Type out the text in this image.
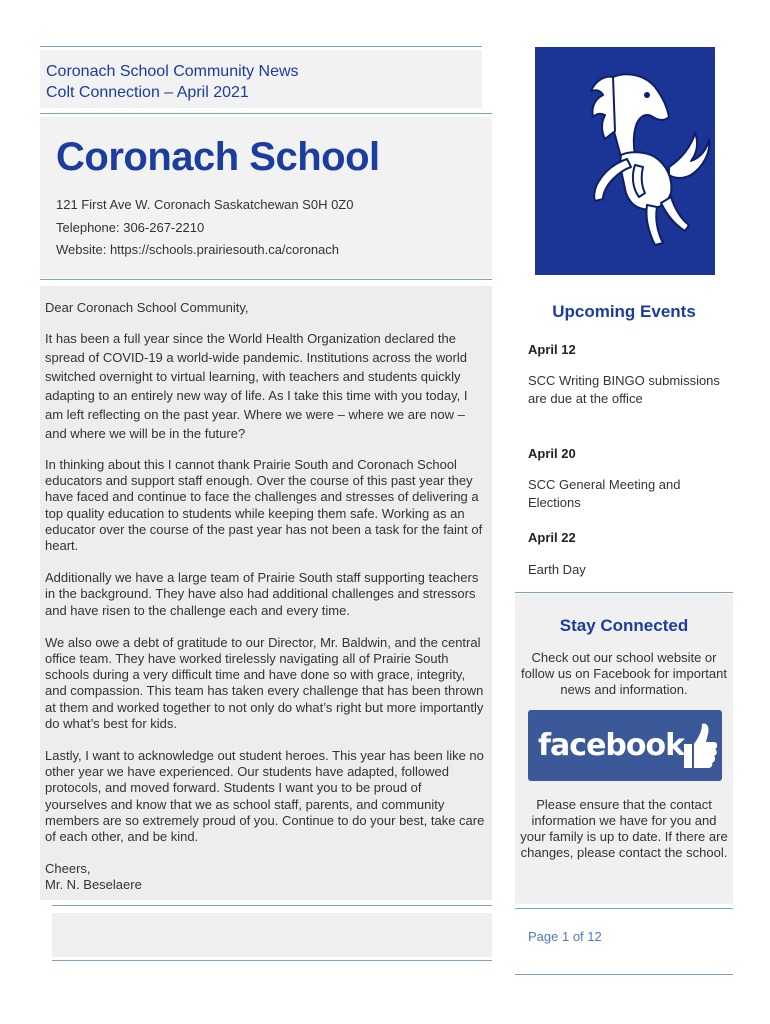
Coronach School Community News
Colt Connection – April 2021
Coronach School
121 First Ave W. Coronach Saskatchewan S0H 0Z0
Telephone: 306-267-2210
Website: https://schools.prairiesouth.ca/coronach

Dear Coronach School Community,

It has been a full year since the World Health Organization declared the spread of COVID-19 a world-wide pandemic. Institutions across the world switched overnight to virtual learning, with teachers and students quickly adapting to an entirely new way of life. As I take this time with you today, I am left reflecting on the past year. Where we were – where we are now – and where we will be in the future?

In thinking about this I cannot thank Prairie South and Coronach School educators and support staff enough. Over the course of this past year they have faced and continue to face the challenges and stresses of delivering a top quality education to students while keeping them safe. Working as an educator over the course of the past year has not been a task for the faint of heart.

Additionally we have a large team of Prairie South staff supporting teachers in the background. They have also had additional challenges and stressors and have risen to the challenge each and every time.

We also owe a debt of gratitude to our Director, Mr. Baldwin, and the central office team. They have worked tirelessly navigating all of Prairie South schools during a very difficult time and have done so with grace, integrity, and compassion. This team has taken every challenge that has been thrown at them and worked together to not only do what’s right but more importantly do what’s best for kids.

Lastly, I want to acknowledge out student heroes. This year has been like no other year we have experienced. Our students have adapted, followed protocols, and moved forward. Students I want you to be proud of yourselves and know that we as school staff, parents, and community members are so extremely proud of you. Continue to do your best, take care of each other, and be kind.

Cheers,

Mr. N. Beselaere

Upcoming Events
April 12
SCC Writing BINGO submissions are due at the office
April 20
SCC General Meeting and Elections
April 22
Earth Day
Stay Connected
Check out our school website or follow us on Facebook for important news and information.
facebook
Please ensure that the contact information we have for you and your family is up to date. If there are changes, please contact the school.
Page 1 of 12
